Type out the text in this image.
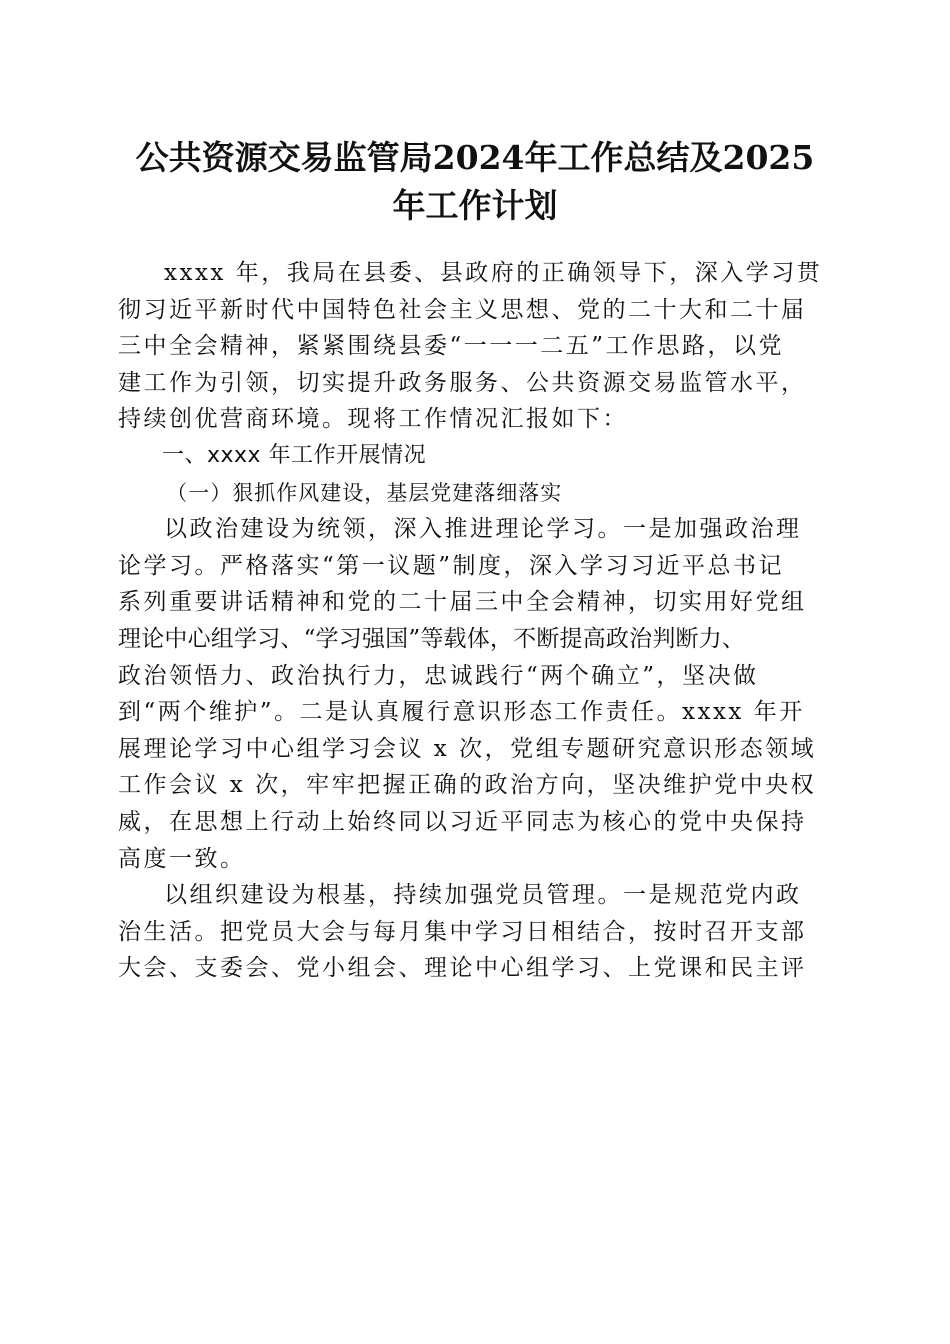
公共资源交易监管局2024年工作总结及2025
年工作计划
xxxx 年，我局在县委、县政府的正确领导下，深入学习贯
彻习近平新时代中国特色社会主义思想、党的二十大和二十届
三中全会精神，紧紧围绕县委“一一一二五”工作思路，以党
建工作为引领，切实提升政务服务、公共资源交易监管水平，
持续创优营商环境。现将工作情况汇报如下：

一、xxxx 年工作开展情况

（一）狠抓作风建设，基层党建落细落实

以政治建设为统领，深入推进理论学习。一是加强政治理
论学习。严格落实“第一议题”制度，深入学习习近平总书记
系列重要讲话精神和党的二十届三中全会精神，切实用好党组
理论中心组学习、“学习强国”等载体，不断提高政治判断力、
政治领悟力、政治执行力，忠诚践行“两个确立”，坚决做
到“两个维护”。二是认真履行意识形态工作责任。xxxx 年开
展理论学习中心组学习会议 x 次，党组专题研究意识形态领域
工作会议 x 次，牢牢把握正确的政治方向，坚决维护党中央权
威，在思想上行动上始终同以习近平同志为核心的党中央保持
高度一致。
以组织建设为根基，持续加强党员管理。一是规范党内政
治生活。把党员大会与每月集中学习日相结合，按时召开支部
大会、支委会、党小组会、理论中心组学习、上党课和民主评
